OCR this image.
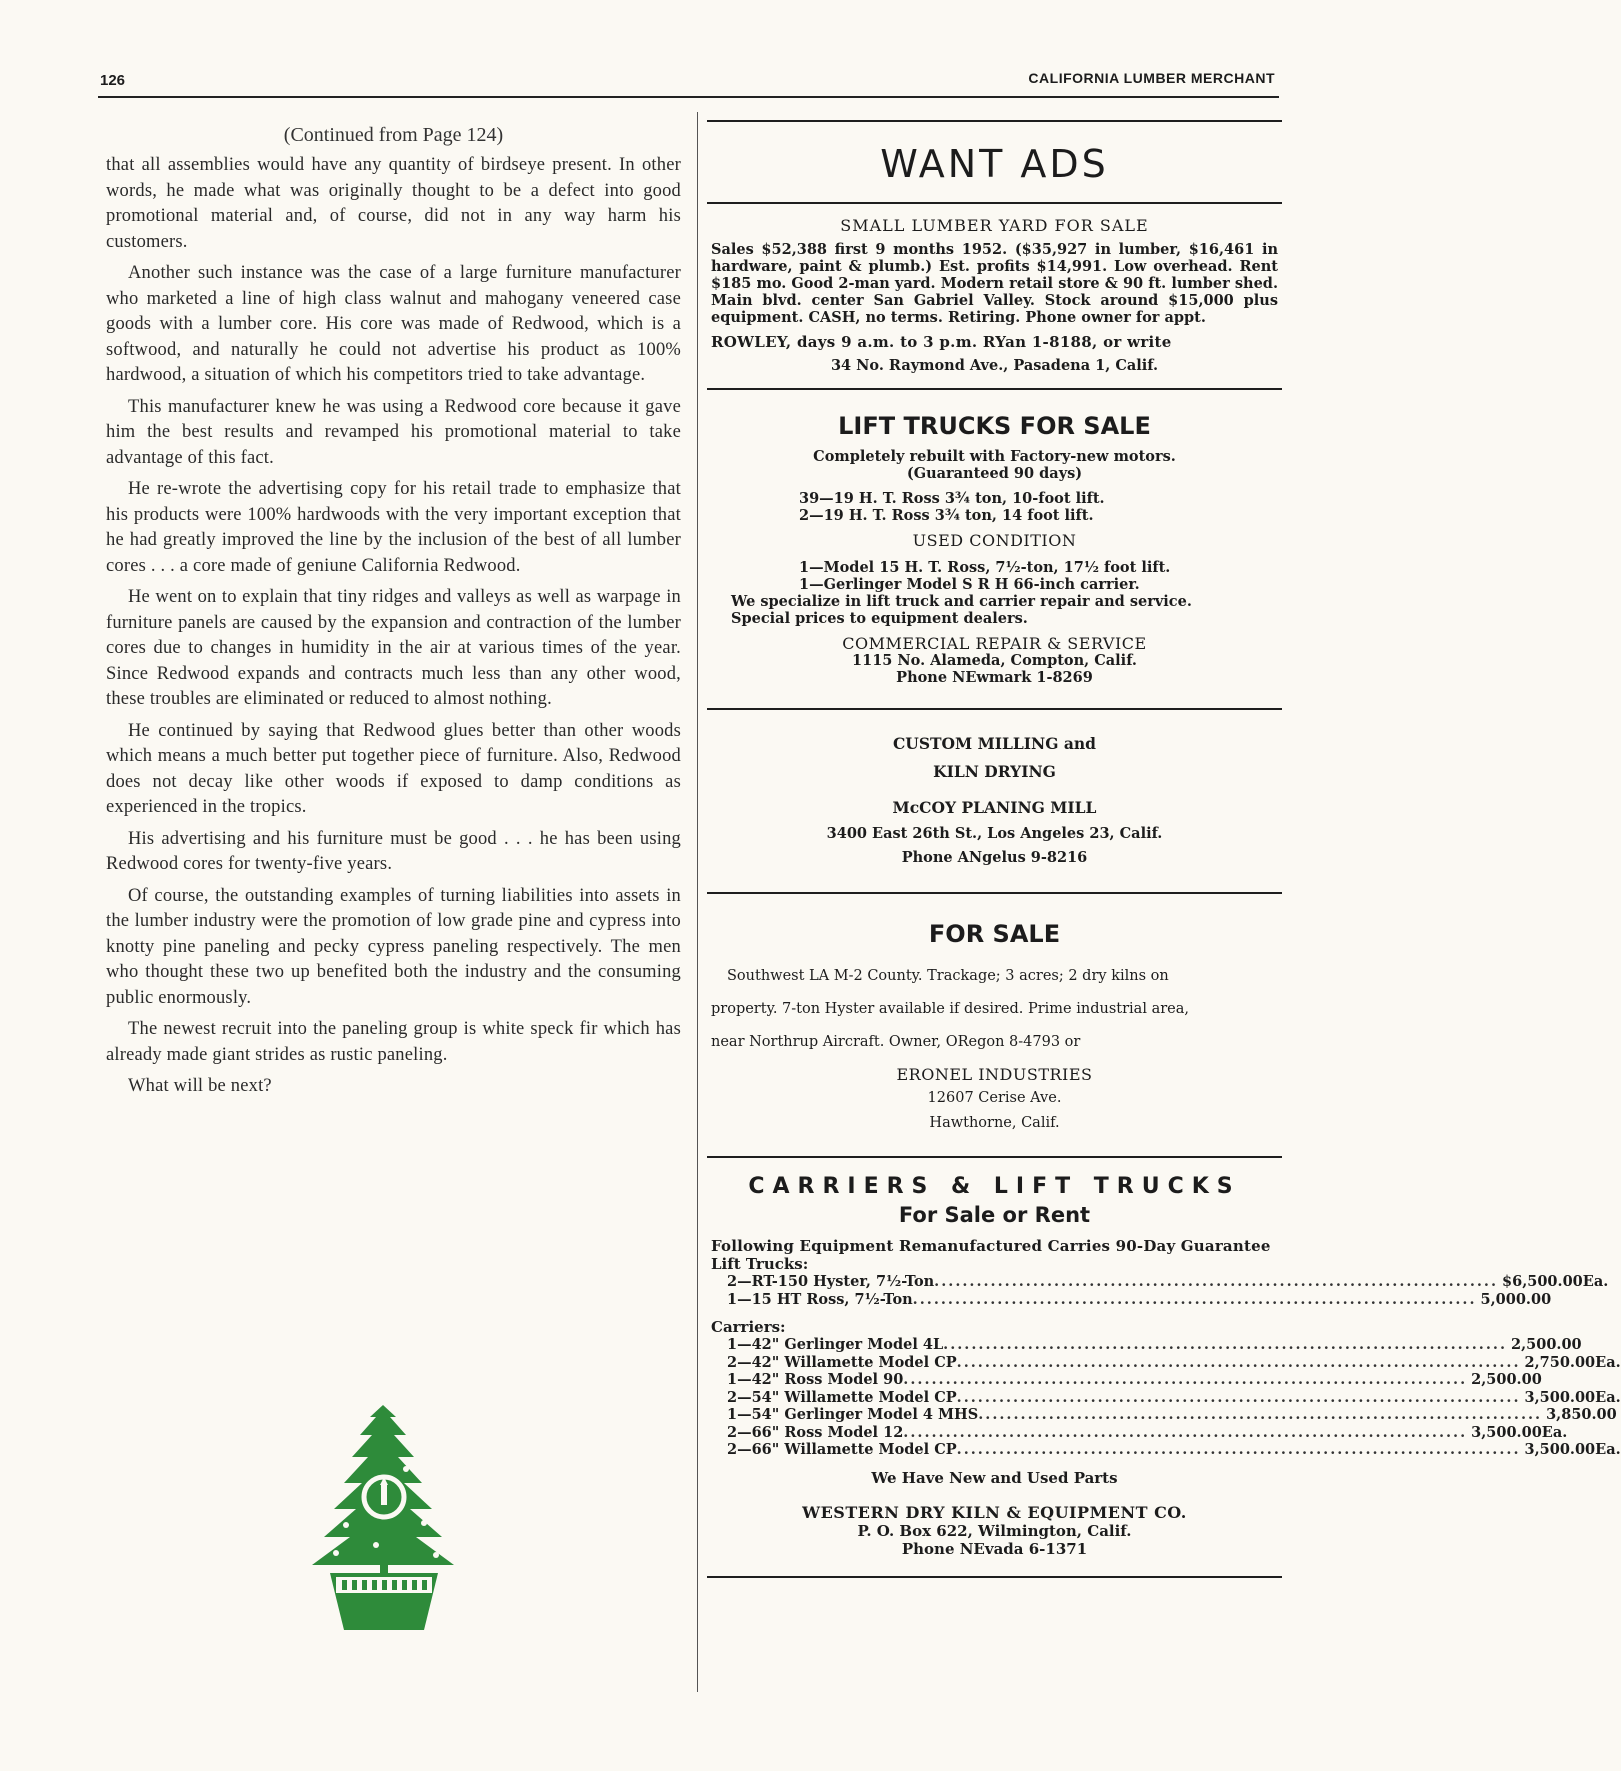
126	CALIFORNIA LUMBER MERCHANT
(Continued from Page 124)

that all assemblies would have any quantity of birdseye present. In other words, he made what was originally thought to be a defect into good promotional material and, of course, did not in any way harm his customers.

Another such instance was the case of a large furniture manufacturer who marketed a line of high class walnut and mahogany veneered case goods with a lumber core. His core was made of Redwood, which is a softwood, and naturally he could not advertise his product as 100% hardwood, a situation of which his competitors tried to take advantage.

This manufacturer knew he was using a Redwood core because it gave him the best results and revamped his promotional material to take advantage of this fact.

He re-wrote the advertising copy for his retail trade to emphasize that his products were 100% hardwoods with the very important exception that he had greatly improved the line by the inclusion of the best of all lumber cores . . . a core made of geniune California Redwood.

He went on to explain that tiny ridges and valleys as well as warpage in furniture panels are caused by the expansion and contraction of the lumber cores due to changes in humidity in the air at various times of the year. Since Redwood expands and contracts much less than any other wood, these troubles are eliminated or reduced to almost nothing.

He continued by saying that Redwood glues better than other woods which means a much better put together piece of furniture. Also, Redwood does not decay like other woods if exposed to damp conditions as experienced in the tropics.

His advertising and his furniture must be good . . . he has been using Redwood cores for twenty-five years.

Of course, the outstanding examples of turning liabilities into assets in the lumber industry were the promotion of low grade pine and cypress into knotty pine paneling and pecky cypress paneling respectively. The men who thought these two up benefited both the industry and the consuming public enormously.

The newest recruit into the paneling group is white speck fir which has already made giant strides as rustic paneling.

What will be next?

WANT ADS
SMALL LUMBER YARD FOR SALE
Sales $52,388 first 9 months 1952. ($35,927 in lumber, $16,461 in hardware, paint & plumb.) Est. profits $14,991. Low overhead. Rent $185 mo. Good 2-man yard. Modern retail store & 90 ft. lumber shed. Main blvd. center San Gabriel Valley. Stock around $15,000 plus equipment. CASH, no terms. Retiring. Phone owner for appt.
ROWLEY, days 9 a.m. to 3 p.m. RYan 1-8188, or write
34 No. Raymond Ave., Pasadena 1, Calif.
LIFT TRUCKS FOR SALE
Completely rebuilt with Factory-new motors.
(Guaranteed 90 days)
39—19 H. T. Ross 3¾ ton, 10-foot lift.
2—19 H. T. Ross 3¾ ton, 14 foot lift.
USED CONDITION
1—Model 15 H. T. Ross, 7½-ton, 17½ foot lift.
1—Gerlinger Model S R H 66-inch carrier.
We specialize in lift truck and carrier repair and service.
Special prices to equipment dealers.
COMMERCIAL REPAIR & SERVICE
1115 No. Alameda, Compton, Calif.
Phone NEwmark 1-8269
CUSTOM MILLING and
KILN DRYING
McCOY PLANING MILL
3400 East 26th St., Los Angeles 23, Calif.
Phone ANgelus 9-8216
FOR SALE
Southwest LA M-2 County. Trackage; 3 acres; 2 dry kilns on
property. 7-ton Hyster available if desired. Prime industrial area,
near Northrup Aircraft. Owner, ORegon 8-4793 or
ERONEL INDUSTRIES
12607 Cerise Ave.
Hawthorne, Calif.
CARRIERS & LIFT TRUCKS
For Sale or Rent
Following Equipment Remanufactured Carries 90-Day Guarantee
Lift Trucks:
2—RT-150 Hyster, 7½-Ton ................................................................................ $6,500.00 Ea.
1—15 HT Ross, 7½-Ton ................................................................................ 5,000.00
Carriers:
1—42" Gerlinger Model 4L ................................................................................ 2,500.00
2—42" Willamette Model CP ................................................................................ 2,750.00 Ea.
1—42" Ross Model 90 ................................................................................ 2,500.00
2—54" Willamette Model CP ................................................................................ 3,500.00 Ea.
1—54" Gerlinger Model 4 MHS ................................................................................ 3,850.00
2—66" Ross Model 12 ................................................................................ 3,500.00 Ea.
2—66" Willamette Model CP ................................................................................ 3,500.00 Ea.
We Have New and Used Parts
WESTERN DRY KILN & EQUIPMENT CO.
P. O. Box 622, Wilmington, Calif.
Phone NEvada 6-1371
